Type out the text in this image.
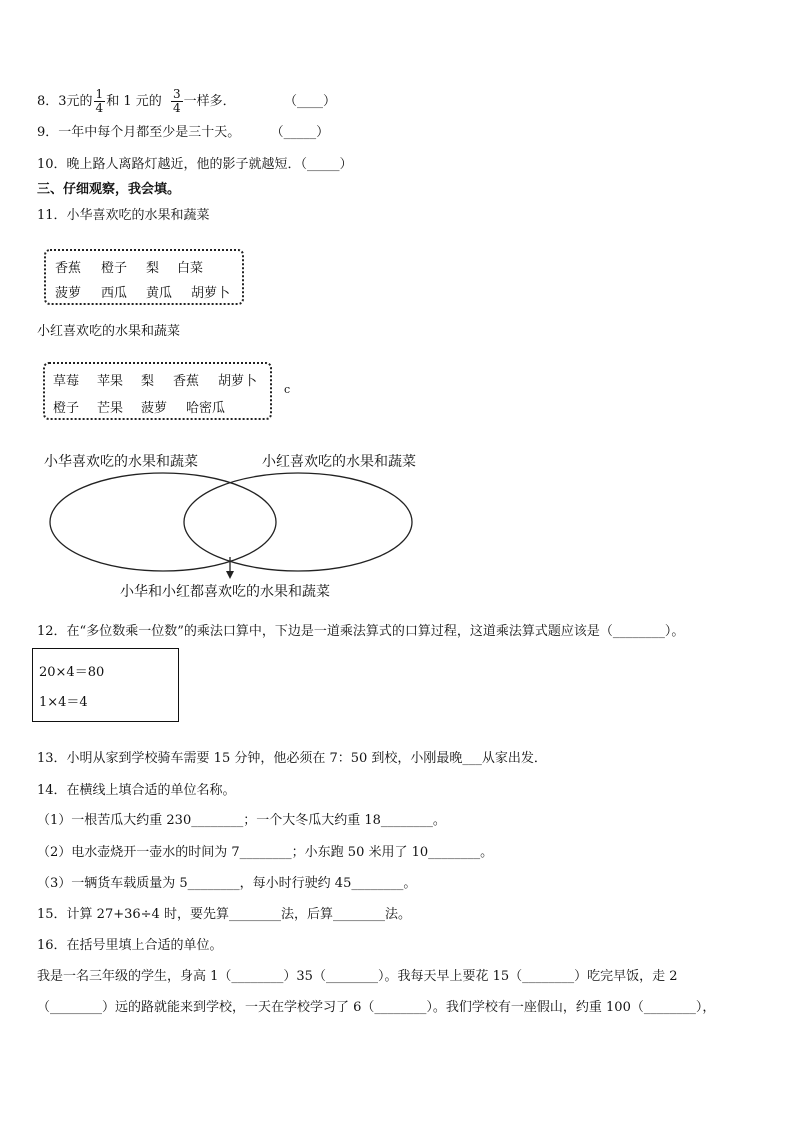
8．3元的 $\frac{1}{4}$ 和 1 元的 $\frac{3}{4}$ 一样多．	（____）
9．一年中每个月都至少是三十天。 （_____）
10．晚上路人离路灯越近，他的影子就越短．（_____）
三、仔细观察，我会填。
11．小华喜欢吃的水果和蔬菜
香蕉 橙子 梨 白菜
菠萝 西瓜 黄瓜 胡萝卜
小红喜欢吃的水果和蔬菜
草莓 苹果 梨 香蕉 胡萝卜
橙子 芒果 菠萝 哈密瓜
c
小华喜欢吃的水果和蔬菜	小红喜欢吃的水果和蔬菜
小华和小红都喜欢吃的水果和蔬菜
12．在“多位数乘一位数”的乘法口算中，下边是一道乘法算式的口算过程，这道乘法算式题应该是（________）。
20×4＝80
1×4＝4
13．小明从家到学校骑车需要 15 分钟，他必须在 7：50 到校，小刚最晚___从家出发．
14．在横线上填合适的单位名称。
（1）一根苦瓜大约重 230________；一个大冬瓜大约重 18________。
（2）电水壶烧开一壶水的时间为 7________；小东跑 50 米用了 10________。
（3）一辆货车载质量为 5________，每小时行驶约 45________。
15．计算 27+36÷4 时，要先算________法，后算________法。
16．在括号里填上合适的单位。
我是一名三年级的学生，身高 1（________）35（________）。我每天早上要花 15（________）吃完早饭，走 2
（________）远的路就能来到学校，一天在学校学习了 6（________）。我们学校有一座假山，约重 100（________），
